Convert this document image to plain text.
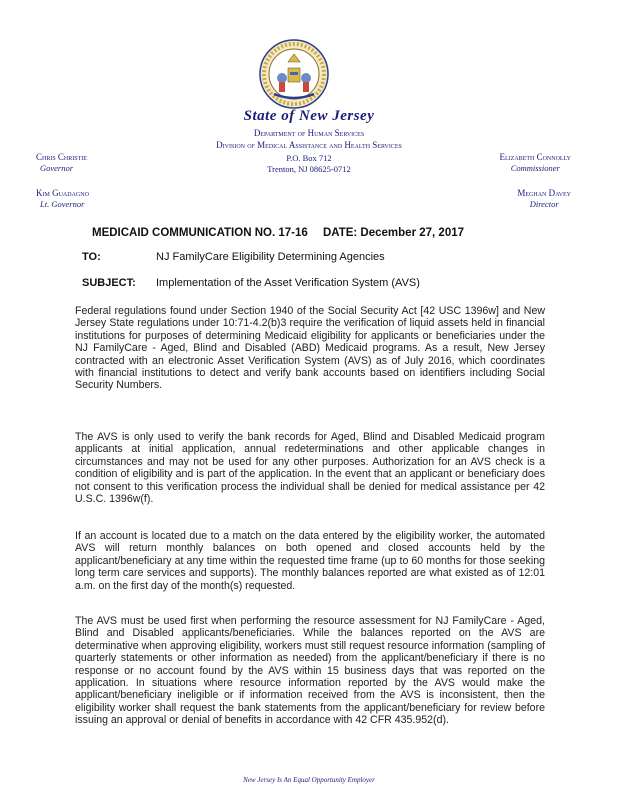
State of New Jersey
Department of Human Services
Division of Medical Assistance and Health Services
P.O. Box 712
Trenton, NJ 08625-0712
Chris Christie
Governor
Kim Guadagno
Lt. Governor
Elizabeth Connolly
Commissioner
Meghan Davey
Director
MEDICAID COMMUNICATION NO. 17-16 DATE: December 27, 2017
TO:	NJ FamilyCare Eligibility Determining Agencies
SUBJECT: Implementation of the Asset Verification System (AVS)
Federal regulations found under Section 1940 of the Social Security Act [42 USC 1396w] and New Jersey State regulations under 10:71-4.2(b)3 require the verification of liquid assets held in financial institutions for purposes of determining Medicaid eligibility for applicants or beneficiaries under the NJ FamilyCare - Aged, Blind and Disabled (ABD) Medicaid programs. As a result, New Jersey contracted with an electronic Asset Verification System (AVS) as of July 2016, which coordinates with financial institutions to detect and verify bank accounts based on identifiers including Social Security Numbers.
The AVS is only used to verify the bank records for Aged, Blind and Disabled Medicaid program applicants at initial application, annual redeterminations and other applicable changes in circumstances and may not be used for any other purposes. Authorization for an AVS check is a condition of eligibility and is part of the application. In the event that an applicant or beneficiary does not consent to this verification process the individual shall be denied for medical assistance per 42 U.S.C. 1396w(f).
If an account is located due to a match on the data entered by the eligibility worker, the automated AVS will return monthly balances on both opened and closed accounts held by the applicant/beneficiary at any time within the requested time frame (up to 60 months for those seeking long term care services and supports). The monthly balances reported are what existed as of 12:01 a.m. on the first day of the month(s) requested.
The AVS must be used first when performing the resource assessment for NJ FamilyCare - Aged, Blind and Disabled applicants/beneficiaries. While the balances reported on the AVS are determinative when approving eligibility, workers must still request resource information (sampling of quarterly statements or other information as needed) from the applicant/beneficiary if there is no response or no account found by the AVS within 15 business days that was reported on the application. In situations where resource information reported by the AVS would make the applicant/beneficiary ineligible or if information received from the AVS is inconsistent, then the eligibility worker shall request the bank statements from the applicant/beneficiary for review before issuing an approval or denial of benefits in accordance with 42 CFR 435.952(d).
New Jersey Is An Equal Opportunity Employer
